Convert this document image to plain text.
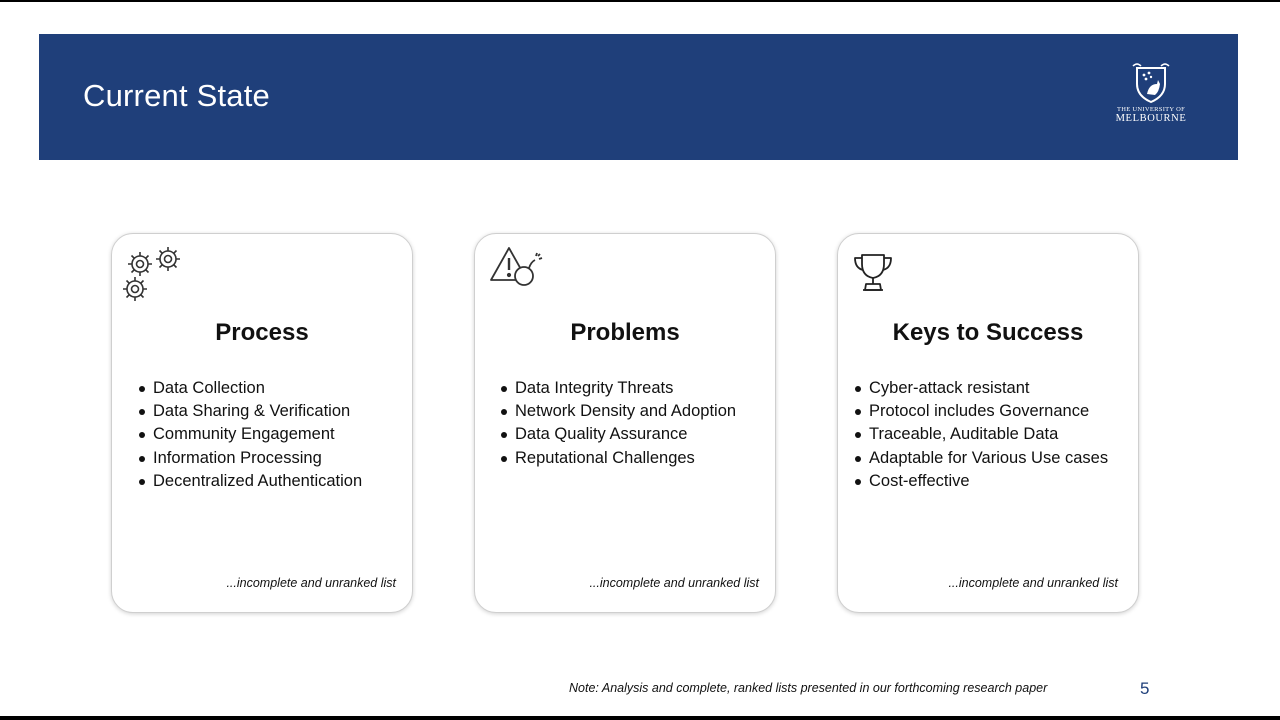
Current State	THE UNIVERSITY OF
MELBOURNE
Process
Data Collection
Data Sharing & Verification
Community Engagement
Information Processing
Decentralized Authentication
...incomplete and unranked list
Problems
Data Integrity Threats
Network Density and Adoption
Data Quality Assurance
Reputational Challenges
...incomplete and unranked list
Keys to Success
Cyber-attack resistant
Protocol includes Governance
Traceable, Auditable Data
Adaptable for Various Use cases
Cost-effective
...incomplete and unranked list
Note: Analysis and complete, ranked lists presented in our forthcoming research paper	5
